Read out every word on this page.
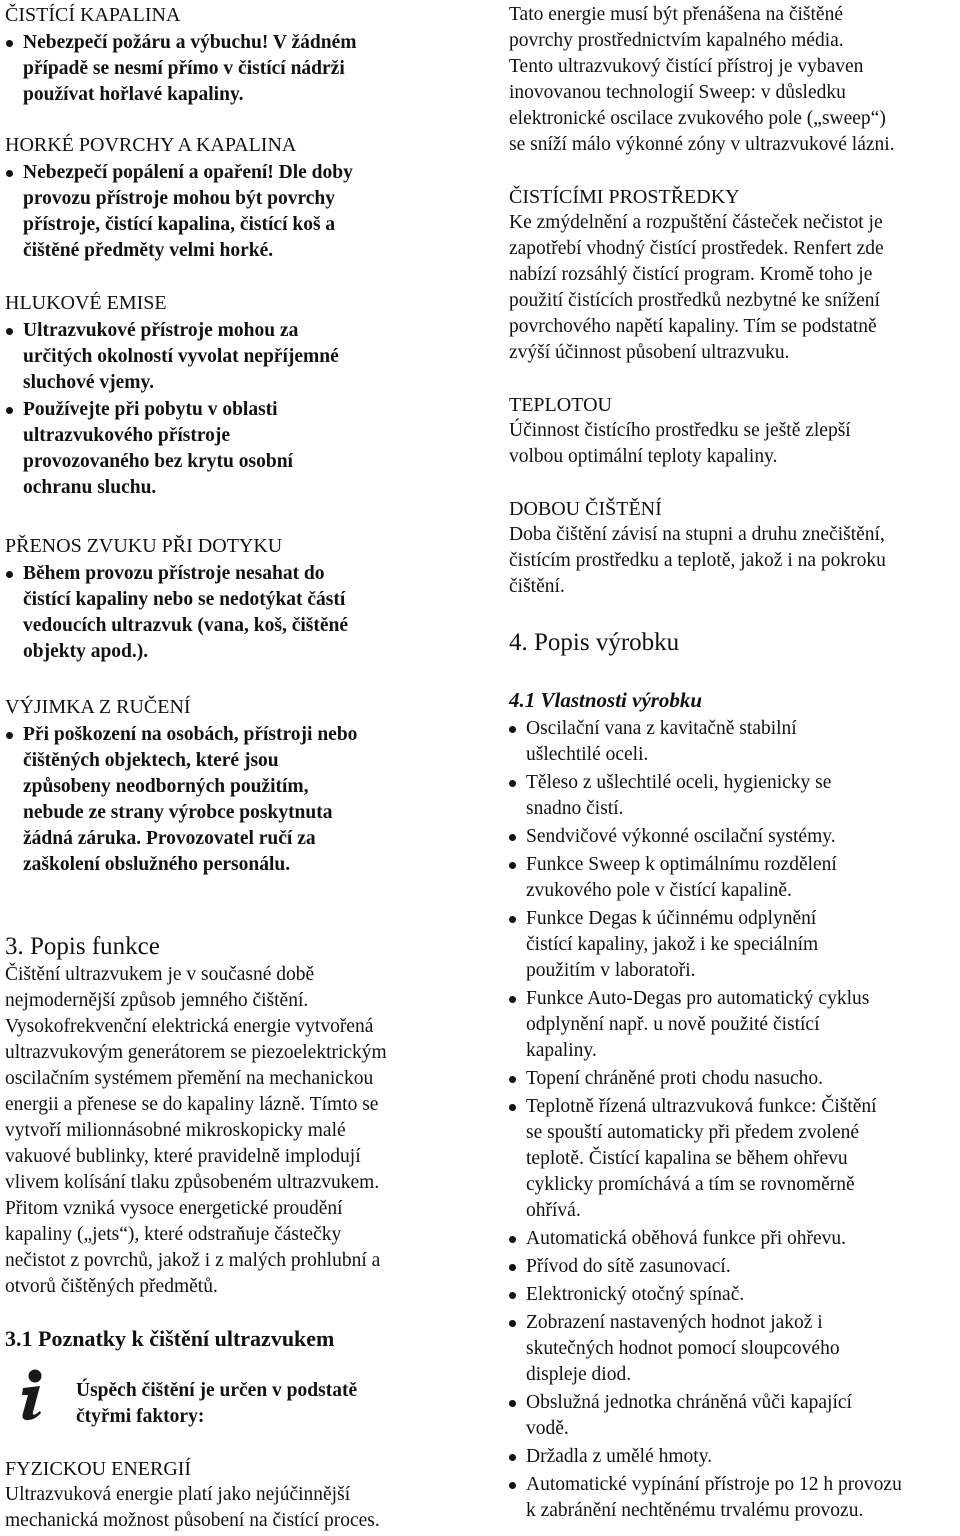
ČISTÍCÍ KAPALINA
Nebezpečí požáru a výbuchu! V žádném
případě se nesmí přímo v čistící nádrži
používat hořlavé kapaliny.
HORKÉ POVRCHY A KAPALINA
Nebezpečí popálení a opaření! Dle doby
provozu přístroje mohou být povrchy
přístroje, čistící kapalina, čistící koš a
čištěné předměty velmi horké.
HLUKOVÉ EMISE
Ultrazvukové přístroje mohou za
určitých okolností vyvolat nepříjemné
sluchové vjemy.
Používejte při pobytu v oblasti
ultrazvukového přístroje
provozovaného bez krytu osobní
ochranu sluchu.
PŘENOS ZVUKU PŘI DOTYKU
Během provozu přístroje nesahat do
čistící kapaliny nebo se nedotýkat částí
vedoucích ultrazvuk (vana, koš, čištěné
objekty apod.).
VÝJIMKA Z RUČENÍ
Při poškození na osobách, přístroji nebo
čištěných objektech, které jsou
způsobeny neodborných použitím,
nebude ze strany výrobce poskytnuta
žádná záruka. Provozovatel ručí za
zaškolení obslužného personálu.
3. Popis funkce
Čištění ultrazvukem je v současné době
nejmodernější způsob jemného čištění.
Vysokofrekvenční elektrická energie vytvořená
ultrazvukovým generátorem se piezoelektrickým
oscilačním systémem přemění na mechanickou
energii a přenese se do kapaliny lázně. Tímto se
vytvoří milionnásobné mikroskopicky malé
vakuové bublinky, které pravidelně implodují
vlivem kolísání tlaku způsobeném ultrazvukem.
Přitom vzniká vysoce energetické proudění
kapaliny („jets“), které odstraňuje částečky
nečistot z povrchů, jakož i z malých prohlubní a
otvorů čištěných předmětů.
3.1 Poznatky k čištění ultrazvukem
Úspěch čištění je určen v podstatě
čtyřmi faktory:
FYZICKOU ENERGIÍ
Ultrazvuková energie platí jako nejúčinnější
mechanická možnost působení na čistící proces.
Tato energie musí být přenášena na čištěné
povrchy prostřednictvím kapalného média.
Tento ultrazvukový čistící přístroj je vybaven
inovovanou technologií Sweep: v důsledku
elektronické oscilace zvukového pole („sweep“)
se sníží málo výkonné zóny v ultrazvukové lázni.
ČISTÍCÍMI PROSTŘEDKY
Ke zmýdelnění a rozpuštění částeček nečistot je
zapotřebí vhodný čistící prostředek. Renfert zde
nabízí rozsáhlý čistící program. Kromě toho je
použití čistících prostředků nezbytné ke snížení
povrchového napětí kapaliny. Tím se podstatně
zvýší účinnost působení ultrazvuku.
TEPLOTOU
Účinnost čistícího prostředku se ještě zlepší
volbou optimální teploty kapaliny.
DOBOU ČIŠTĚNÍ
Doba čištění závisí na stupni a druhu znečištění,
čistícím prostředku a teplotě, jakož i na pokroku
čištění.
4. Popis výrobku
4.1 Vlastnosti výrobku
Oscilační vana z kavitačně stabilní
ušlechtilé oceli.
Těleso z ušlechtilé oceli, hygienicky se
snadno čistí.
Sendvičové výkonné oscilační systémy.
Funkce Sweep k optimálnímu rozdělení
zvukového pole v čistící kapalině.
Funkce Degas k účinnému odplynění
čistící kapaliny, jakož i ke speciálním
použitím v laboratoři.
Funkce Auto-Degas pro automatický cyklus
odplynění např. u nově použité čistící
kapaliny.
Topení chráněné proti chodu nasucho.
Teplotně řízená ultrazvuková funkce: Čištění
se spouští automaticky při předem zvolené
teplotě. Čistící kapalina se během ohřevu
cyklicky promíchává a tím se rovnoměrně
ohřívá.
Automatická oběhová funkce při ohřevu.
Přívod do sítě zasunovací.
Elektronický otočný spínač.
Zobrazení nastavených hodnot jakož i
skutečných hodnot pomocí sloupcového
displeje diod.
Obslužná jednotka chráněná vůči kapající
vodě.
Držadla z umělé hmoty.
Automatické vypínání přístroje po 12 h provozu
k zabránění nechtěnému trvalému provozu.
